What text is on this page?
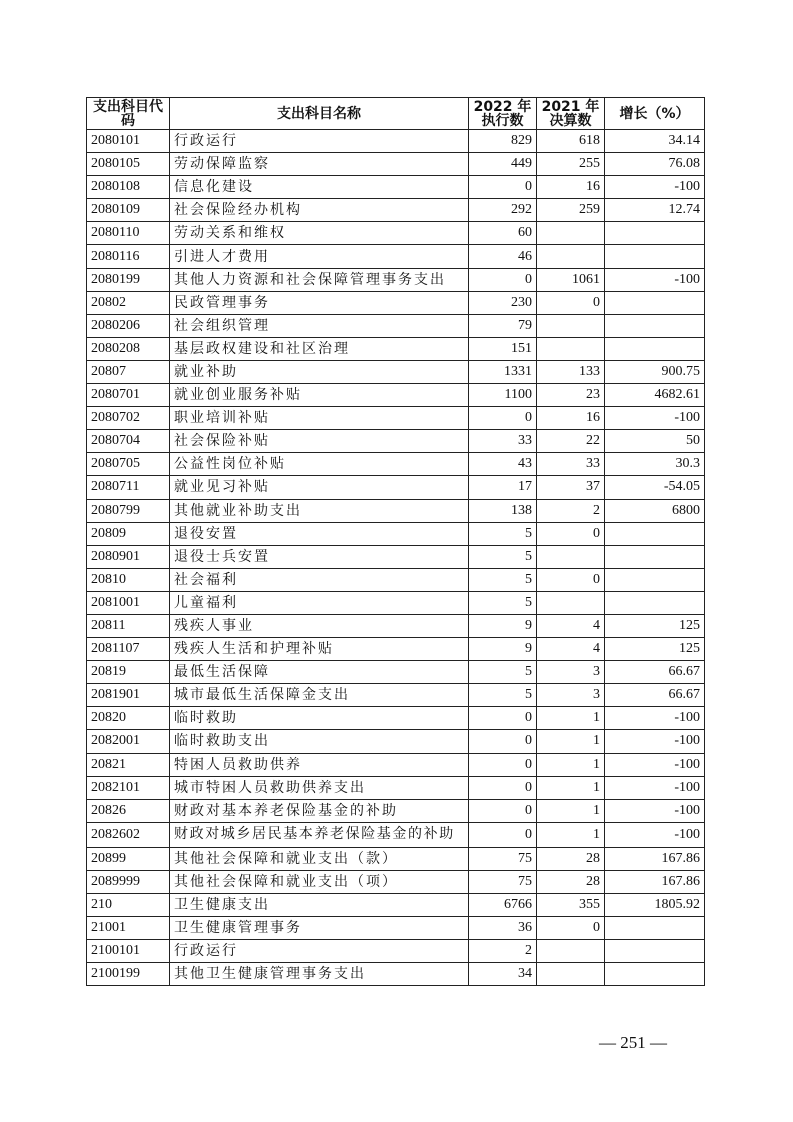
支出科目代码	支出科目名称	2022 年执行数	2021 年决算数	增长（%）
2080101	行政运行	829	618	34.14
2080105	劳动保障监察	449	255	76.08
2080108	信息化建设	0	16	-100
2080109	社会保险经办机构	292	259	12.74
2080110	劳动关系和维权	60		
2080116	引进人才费用	46		
2080199	其他人力资源和社会保障管理事务支出	0	1061	-100
20802	民政管理事务	230	0	
2080206	社会组织管理	79		
2080208	基层政权建设和社区治理	151		
20807	就业补助	1331	133	900.75
2080701	就业创业服务补贴	1100	23	4682.61
2080702	职业培训补贴	0	16	-100
2080704	社会保险补贴	33	22	50
2080705	公益性岗位补贴	43	33	30.3
2080711	就业见习补贴	17	37	-54.05
2080799	其他就业补助支出	138	2	6800
20809	退役安置	5	0	
2080901	退役士兵安置	5		
20810	社会福利	5	0	
2081001	儿童福利	5		
20811	残疾人事业	9	4	125
2081107	残疾人生活和护理补贴	9	4	125
20819	最低生活保障	5	3	66.67
2081901	城市最低生活保障金支出	5	3	66.67
20820	临时救助	0	1	-100
2082001	临时救助支出	0	1	-100
20821	特困人员救助供养	0	1	-100
2082101	城市特困人员救助供养支出	0	1	-100
20826	财政对基本养老保险基金的补助	0	1	-100
2082602	财政对城乡居民基本养老保险基金的补助	0	1	-100
20899	其他社会保障和就业支出（款）	75	28	167.86
2089999	其他社会保障和就业支出（项）	75	28	167.86
210	卫生健康支出	6766	355	1805.92
21001	卫生健康管理事务	36	0	
2100101	行政运行	2		
2100199	其他卫生健康管理事务支出	34		
— 251 —
